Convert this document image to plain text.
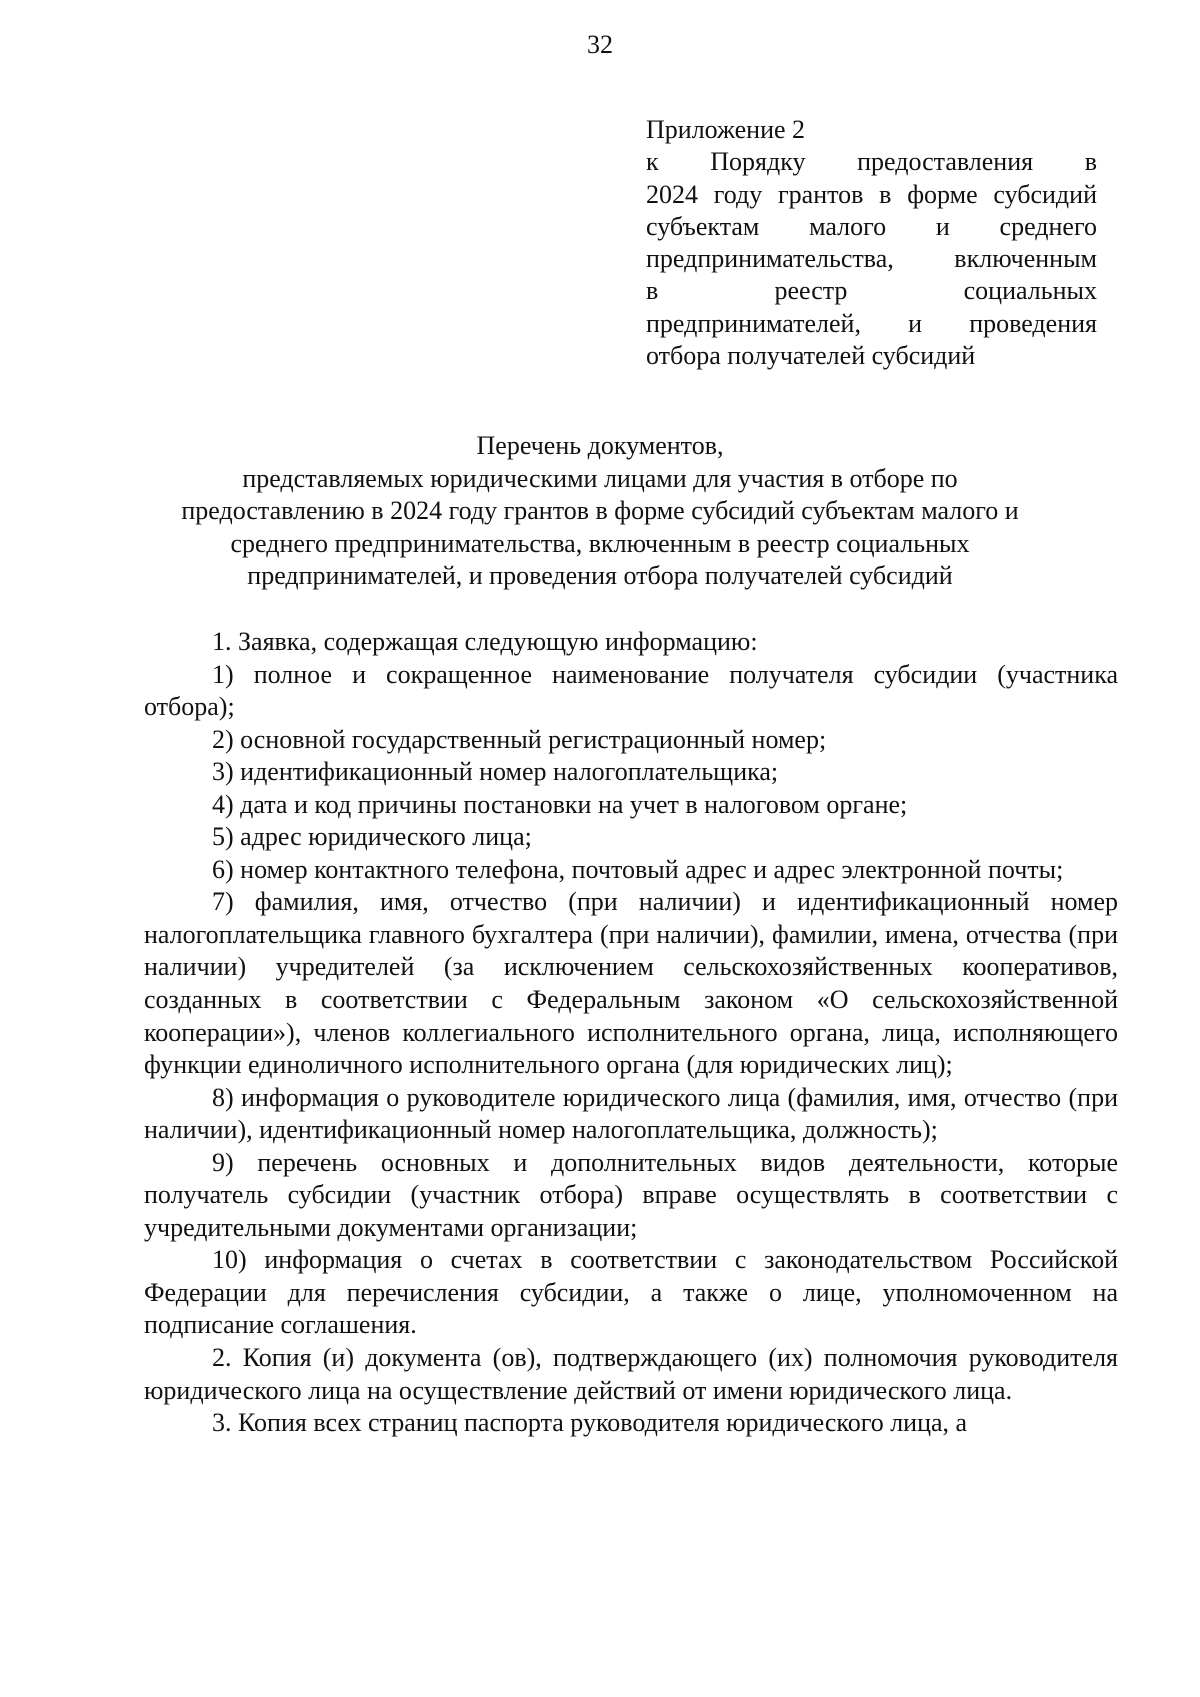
32
Приложение 2
к Порядку предоставления в
2024 году грантов в форме субсидий
субъектам малого и среднего
предпринимательства, включенным
в реестр социальных
предпринимателей, и проведения
отбора получателей субсидий
Перечень документов,
представляемых юридическими лицами для участия в отборе по
предоставлению в 2024 году грантов в форме субсидий субъектам малого и
среднего предпринимательства, включенным в реестр социальных
предпринимателей, и проведения отбора получателей субсидий

1. Заявка, содержащая следующую информацию:

1) полное и сокращенное наименование получателя субсидии (участника отбора);

2) основной государственный регистрационный номер;

3) идентификационный номер налогоплательщика;

4) дата и код причины постановки на учет в налоговом органе;

5) адрес юридического лица;

6) номер контактного телефона, почтовый адрес и адрес электронной почты;

7) фамилия, имя, отчество (при наличии) и идентификационный номер налогоплательщика главного бухгалтера (при наличии), фамилии, имена, отчества (при наличии) учредителей (за исключением сельскохозяйственных кооперативов, созданных в соответствии с Федеральным законом «О сельскохозяйственной кооперации»), членов коллегиального исполнительного органа, лица, исполняющего функции единоличного исполнительного органа (для юридических лиц);

8) информация о руководителе юридического лица (фамилия, имя, отчество (при наличии), идентификационный номер налогоплательщика, должность);

9) перечень основных и дополнительных видов деятельности, которые получатель субсидии (участник отбора) вправе осуществлять в соответствии с учредительными документами организации;

10) информация о счетах в соответствии с законодательством Российской Федерации для перечисления субсидии, а также о лице, уполномоченном на подписание соглашения.

2. Копия (и) документа (ов), подтверждающего (их) полномочия руководителя юридического лица на осуществление действий от имени юридического лица.

3. Копия всех страниц паспорта руководителя юридического лица, а
